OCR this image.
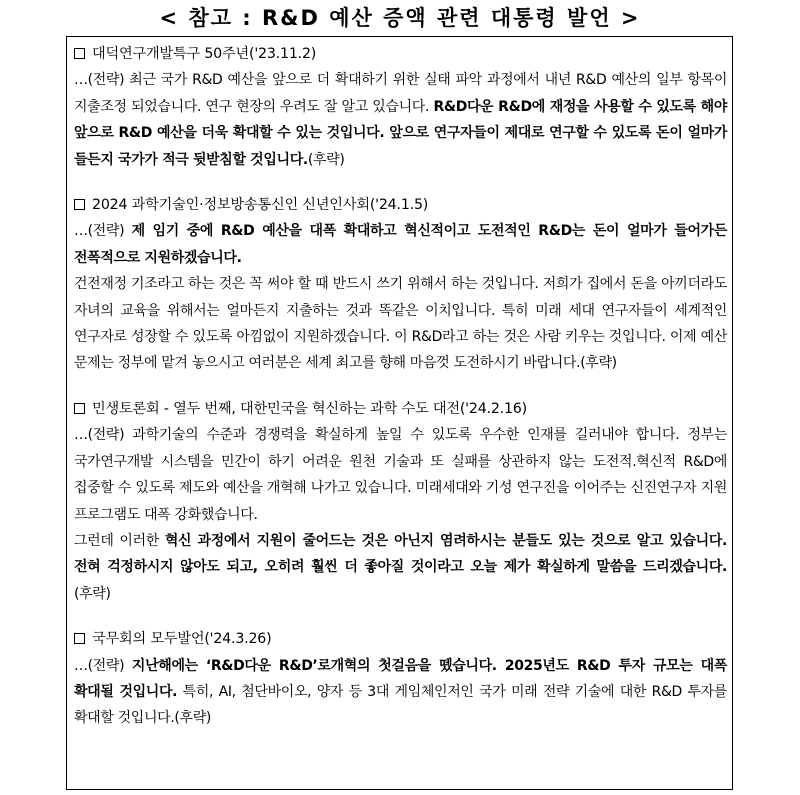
< 참고 : R&D 예산 증액 관련 대통령 발언 >
대덕연구개발특구 50주년('23.11.2)
…(전략) 최근 국가 R&D 예산을 앞으로 더 확대하기 위한 실태 파악 과정에서 내년 R&D 예산의 일부 항목이 지출조정 되었습니다. 연구 현장의 우려도 잘 알고 있습니다. R&D다운 R&D에 재정을 사용할 수 있도록 해야 앞으로 R&D 예산을 더욱 확대할 수 있는 것입니다. 앞으로 연구자들이 제대로 연구할 수 있도록 돈이 얼마가 들든지 국가가 적극 뒷받침할 것입니다.(후략)
2024 과학기술인·정보방송통신인 신년인사회('24.1.5)
…(전략) 제 임기 중에 R&D 예산을 대폭 확대하고 혁신적이고 도전적인 R&D는 돈이 얼마가 들어가든 전폭적으로 지원하겠습니다.
건전재정 기조라고 하는 것은 꼭 써야 할 때 반드시 쓰기 위해서 하는 것입니다. 저희가 집에서 돈을 아끼더라도 자녀의 교육을 위해서는 얼마든지 지출하는 것과 똑같은 이치입니다. 특히 미래 세대 연구자들이 세계적인 연구자로 성장할 수 있도록 아낌없이 지원하겠습니다. 이 R&D라고 하는 것은 사람 키우는 것입니다. 이제 예산 문제는 정부에 맡겨 놓으시고 여러분은 세계 최고를 향해 마음껏 도전하시기 바랍니다.(후략)
민생토론회 - 열두 번째, 대한민국을 혁신하는 과학 수도 대전('24.2.16)
…(전략) 과학기술의 수준과 경쟁력을 확실하게 높일 수 있도록 우수한 인재를 길러내야 합니다. 정부는 국가연구개발 시스템을 민간이 하기 어려운 원천 기술과 또 실패를 상관하지 않는 도전적.혁신적 R&D에 집중할 수 있도록 제도와 예산을 개혁해 나가고 있습니다. 미래세대와 기성 연구진을 이어주는 신진연구자 지원 프로그램도 대폭 강화했습니다.
그런데 이러한 혁신 과정에서 지원이 줄어드는 것은 아닌지 염려하시는 분들도 있는 것으로 알고 있습니다. 전혀 걱정하시지 않아도 되고, 오히려 훨씬 더 좋아질 것이라고 오늘 제가 확실하게 말씀을 드리겠습니다.(후략)
국무회의 모두발언('24.3.26)
…(전략) 지난해에는 ‘R&D다운 R&D’로개혁의 첫걸음을 뗐습니다. 2025년도 R&D 투자 규모는 대폭 확대될 것입니다. 특히, AI, 첨단바이오, 양자 등 3대 게임체인저인 국가 미래 전략 기술에 대한 R&D 투자를 확대할 것입니다.(후략)
